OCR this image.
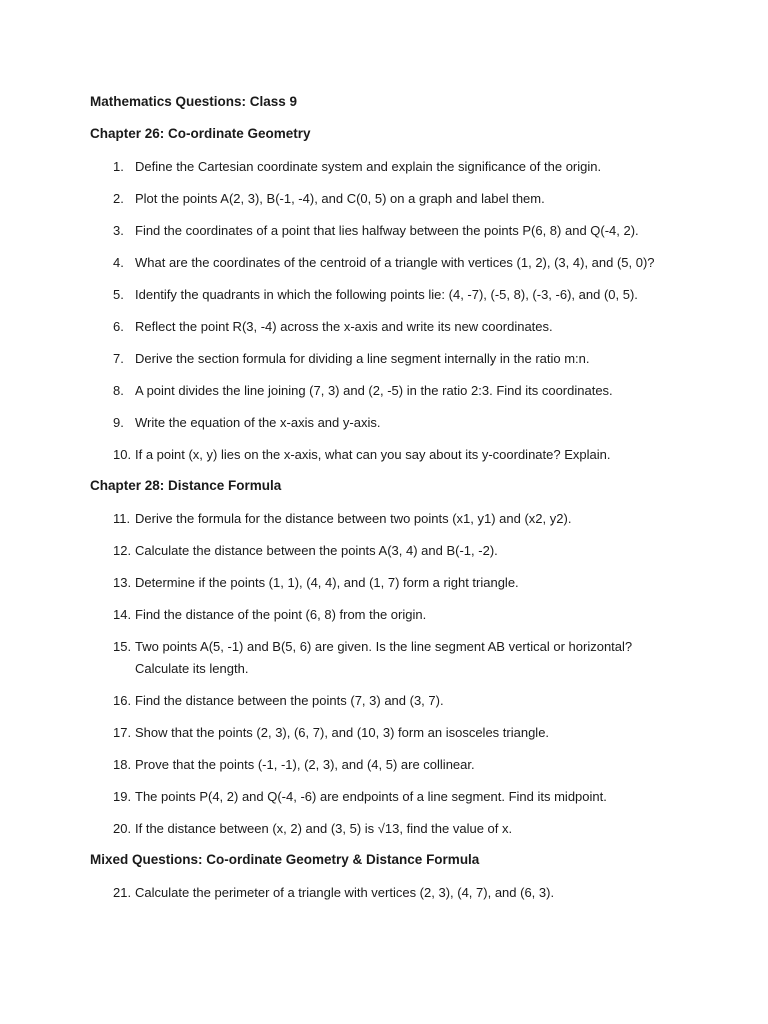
Mathematics Questions: Class 9
Chapter 26: Co-ordinate Geometry
1. Define the Cartesian coordinate system and explain the significance of the origin.
2. Plot the points A(2, 3), B(-1, -4), and C(0, 5) on a graph and label them.
3. Find the coordinates of a point that lies halfway between the points P(6, 8) and Q(-4, 2).
4. What are the coordinates of the centroid of a triangle with vertices (1, 2), (3, 4), and (5, 0)?
5. Identify the quadrants in which the following points lie: (4, -7), (-5, 8), (-3, -6), and (0, 5).
6. Reflect the point R(3, -4) across the x-axis and write its new coordinates.
7. Derive the section formula for dividing a line segment internally in the ratio m:n.
8. A point divides the line joining (7, 3) and (2, -5) in the ratio 2:3. Find its coordinates.
9. Write the equation of the x-axis and y-axis.
10. If a point (x, y) lies on the x-axis, what can you say about its y-coordinate? Explain.
Chapter 28: Distance Formula
11. Derive the formula for the distance between two points (x1, y1) and (x2, y2).
12. Calculate the distance between the points A(3, 4) and B(-1, -2).
13. Determine if the points (1, 1), (4, 4), and (1, 7) form a right triangle.
14. Find the distance of the point (6, 8) from the origin.
15. Two points A(5, -1) and B(5, 6) are given. Is the line segment AB vertical or horizontal? Calculate its length.
16. Find the distance between the points (7, 3) and (3, 7).
17. Show that the points (2, 3), (6, 7), and (10, 3) form an isosceles triangle.
18. Prove that the points (-1, -1), (2, 3), and (4, 5) are collinear.
19. The points P(4, 2) and Q(-4, -6) are endpoints of a line segment. Find its midpoint.
20. If the distance between (x, 2) and (3, 5) is √13, find the value of x.
Mixed Questions: Co-ordinate Geometry & Distance Formula
21. Calculate the perimeter of a triangle with vertices (2, 3), (4, 7), and (6, 3).
